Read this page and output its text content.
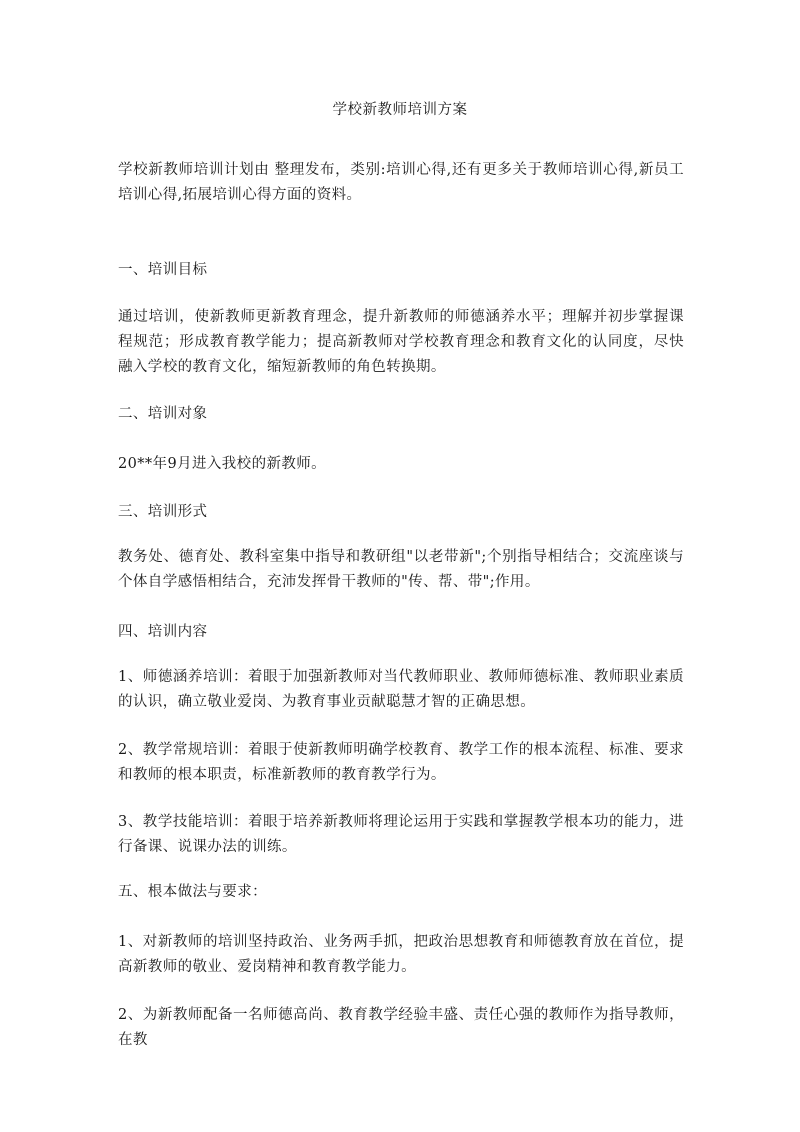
学校新教师培训方案

学校新教师培训计划由 整理发布，类别:培训心得,还有更多关于教师培训心得,新员工培训心得,拓展培训心得方面的资料。

一、培训目标

通过培训，使新教师更新教育理念，提升新教师的师德涵养水平；理解并初步掌握课程规范；形成教育教学能力；提高新教师对学校教育理念和教育文化的认同度，尽快融入学校的教育文化，缩短新教师的角色转换期。

二、培训对象

20**年9月进入我校的新教师。

三、培训形式

教务处、德育处、教科室集中指导和教研组"以老带新";个别指导相结合；交流座谈与个体自学感悟相结合，充沛发挥骨干教师的"传、帮、带";作用。

四、培训内容

1、师德涵养培训：着眼于加强新教师对当代教师职业、教师师德标准、教师职业素质的认识，确立敬业爱岗、为教育事业贡献聪慧才智的正确思想。

2、教学常规培训：着眼于使新教师明确学校教育、教学工作的根本流程、标准、要求和教师的根本职责，标准新教师的教育教学行为。

3、教学技能培训：着眼于培养新教师将理论运用于实践和掌握教学根本功的能力，进行备课、说课办法的训练。

五、根本做法与要求：

1、对新教师的培训坚持政治、业务两手抓，把政治思想教育和师德教育放在首位，提高新教师的敬业、爱岗精神和教育教学能力。

2、为新教师配备一名师德高尚、教育教学经验丰盛、责任心强的教师作为指导教师，在教
